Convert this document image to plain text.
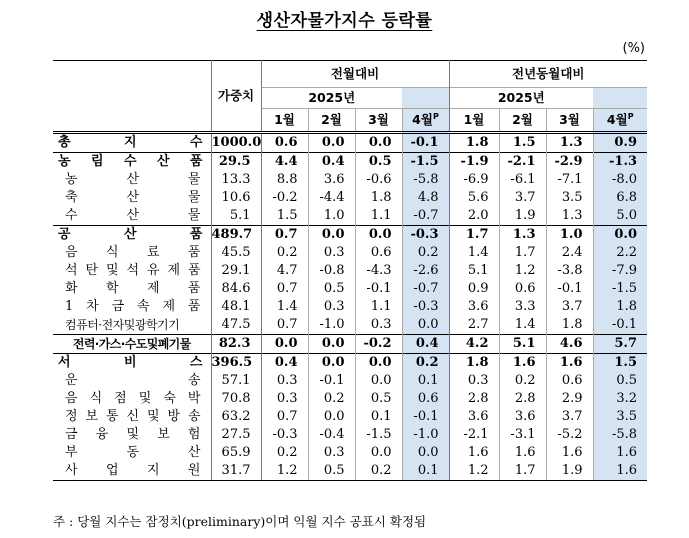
생산자물가지수 등락률
(%)
	가중치	전월대비				전년동월대비			
		2025년				2025년			
		1월	2월	3월	4월$^P$	1월	2월	3월	4월$^P$
총 지 수	1000.0	0.6	0.0	0.0	-0.1	1.8	1.5	1.3	0.9
농 림 수 산 품	29.5	4.4	0.4	0.5	-1.5	-1.9	-2.1	-2.9	-1.3
농 산 물	13.3	8.8	3.6	-0.6	-5.8	-6.9	-6.1	-7.1	-8.0
축 산 물	10.6	-0.2	-4.4	1.8	4.8	5.6	3.7	3.5	6.8
수 산 물	5.1	1.5	1.0	1.1	-0.7	2.0	1.9	1.3	5.0
공 산 품	489.7	0.7	0.0	0.0	-0.3	1.7	1.3	1.0	0.0
음 식 료 품	45.5	0.2	0.3	0.6	0.2	1.4	1.7	2.4	2.2
석 탄 및 석 유 제 품	29.1	4.7	-0.8	-4.3	-2.6	5.1	1.2	-3.8	-7.9
화 학 제 품	84.6	0.7	0.5	-0.1	-0.7	0.9	0.6	-0.1	-1.5
1 차 금 속 제 품	48.1	1.4	0.3	1.1	-0.3	3.6	3.3	3.7	1.8
컴퓨터·전자및광학기기	47.5	0.7	-1.0	0.3	0.0	2.7	1.4	1.8	-0.1
전력·가스·수도및폐기물	82.3	0.0	0.0	-0.2	0.4	4.2	5.1	4.6	5.7
서 비 스	396.5	0.4	0.0	0.0	0.2	1.8	1.6	1.6	1.5
운 송	57.1	0.3	-0.1	0.0	0.1	0.3	0.2	0.6	0.5
음 식 점 및 숙 박	70.8	0.3	0.2	0.5	0.6	2.8	2.8	2.9	3.2
정 보 통 신 및 방 송	63.2	0.7	0.0	0.1	-0.1	3.6	3.6	3.7	3.5
금 융 및 보 험	27.5	-0.3	-0.4	-1.5	-1.0	-2.1	-3.1	-5.2	-5.8
부 동 산	65.9	0.2	0.3	0.0	0.0	1.6	1.6	1.6	1.6
사 업 지 원	31.7	1.2	0.5	0.2	0.1	1.2	1.7	1.9	1.6
주 : 당월 지수는 잠정치(preliminary)이며 익월 지수 공표시 확정됨
